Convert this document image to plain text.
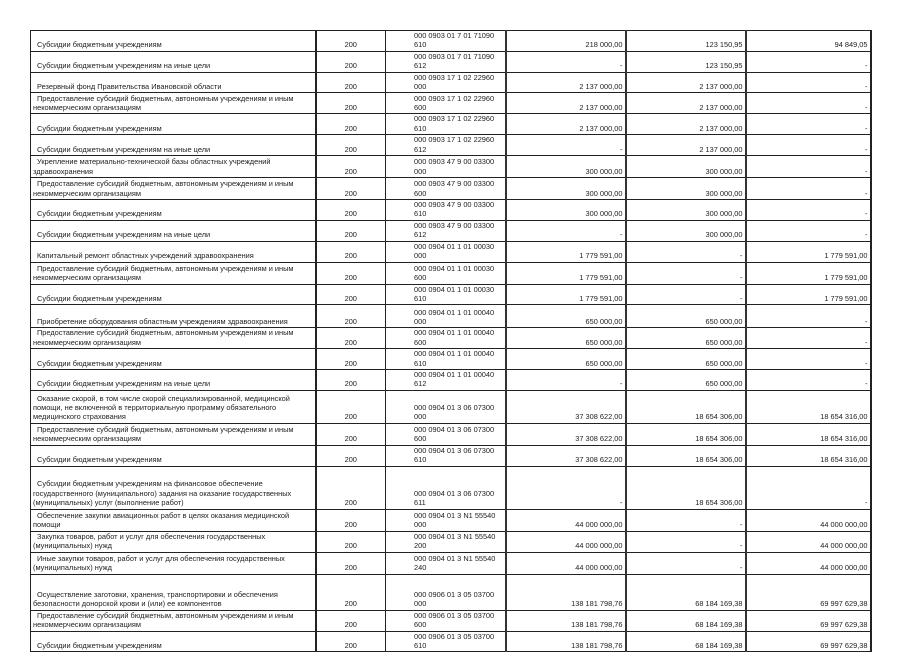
Субсидии бюджетным учреждениям	200	000 0903 01 7 01 71090 610	218 000,00	123 150,95	94 849,05
Субсидии бюджетным учреждениям на иные цели	200	000 0903 01 7 01 71090 612	-	123 150,95	-
Резервный фонд Правительства Ивановской области	200	000 0903 17 1 02 22960 000	2 137 000,00	2 137 000,00	-
Предоставление субсидий бюджетным, автономным учреждениям и иным некоммерческим организациям	200	000 0903 17 1 02 22960 600	2 137 000,00	2 137 000,00	-
Субсидии бюджетным учреждениям	200	000 0903 17 1 02 22960 610	2 137 000,00	2 137 000,00	-
Субсидии бюджетным учреждениям на иные цели	200	000 0903 17 1 02 22960 612	-	2 137 000,00	-
Укрепление материально-технической базы областных учреждений здравоохранения	200	000 0903 47 9 00 03300 000	300 000,00	300 000,00	-
Предоставление субсидий бюджетным, автономным учреждениям и иным некоммерческим организациям	200	000 0903 47 9 00 03300 600	300 000,00	300 000,00	-
Субсидии бюджетным учреждениям	200	000 0903 47 9 00 03300 610	300 000,00	300 000,00	-
Субсидии бюджетным учреждениям на иные цели	200	000 0903 47 9 00 03300 612	-	300 000,00	-
Капитальный ремонт областных учреждений здравоохранения	200	000 0904 01 1 01 00030 000	1 779 591,00	-	1 779 591,00
Предоставление субсидий бюджетным, автономным учреждениям и иным некоммерческим организациям	200	000 0904 01 1 01 00030 600	1 779 591,00	-	1 779 591,00
Субсидии бюджетным учреждениям	200	000 0904 01 1 01 00030 610	1 779 591,00	-	1 779 591,00
Приобретение оборудования областным учреждениям здравоохранения	200	000 0904 01 1 01 00040 000	650 000,00	650 000,00	-
Предоставление субсидий бюджетным, автономным учреждениям и иным некоммерческим организациям	200	000 0904 01 1 01 00040 600	650 000,00	650 000,00	-
Субсидии бюджетным учреждениям	200	000 0904 01 1 01 00040 610	650 000,00	650 000,00	-
Субсидии бюджетным учреждениям на иные цели	200	000 0904 01 1 01 00040 612	-	650 000,00	-
Оказание скорой, в том числе скорой специализированной, медицинской помощи, не включенной в территориальную программу обязательного медицинского страхования	200	000 0904 01 3 06 07300 000	37 308 622,00	18 654 306,00	18 654 316,00
Предоставление субсидий бюджетным, автономным учреждениям и иным некоммерческим организациям	200	000 0904 01 3 06 07300 600	37 308 622,00	18 654 306,00	18 654 316,00
Субсидии бюджетным учреждениям	200	000 0904 01 3 06 07300 610	37 308 622,00	18 654 306,00	18 654 316,00
Субсидии бюджетным учреждениям на финансовое обеспечение государственного (муниципального) задания на оказание государственных (муниципальных) услуг (выполнение работ)	200	000 0904 01 3 06 07300 611	-	18 654 306,00	-
Обеспечение закупки авиационных работ в целях оказания медицинской помощи	200	000 0904 01 3 N1 55540 000	44 000 000,00	-	44 000 000,00
Закупка товаров, работ и услуг для обеспечения государственных (муниципальных) нужд	200	000 0904 01 3 N1 55540 200	44 000 000,00	-	44 000 000,00
Иные закупки товаров, работ и услуг для обеспечения государственных (муниципальных) нужд	200	000 0904 01 3 N1 55540 240	44 000 000,00	-	44 000 000,00
Осуществление заготовки, хранения, транспортировки и обеспечения безопасности донорской крови и (или) ее компонентов	200	000 0906 01 3 05 03700 000	138 181 798,76	68 184 169,38	69 997 629,38
Предоставление субсидий бюджетным, автономным учреждениям и иным некоммерческим организациям	200	000 0906 01 3 05 03700 600	138 181 798,76	68 184 169,38	69 997 629,38
Субсидии бюджетным учреждениям	200	000 0906 01 3 05 03700 610	138 181 798,76	68 184 169,38	69 997 629,38
